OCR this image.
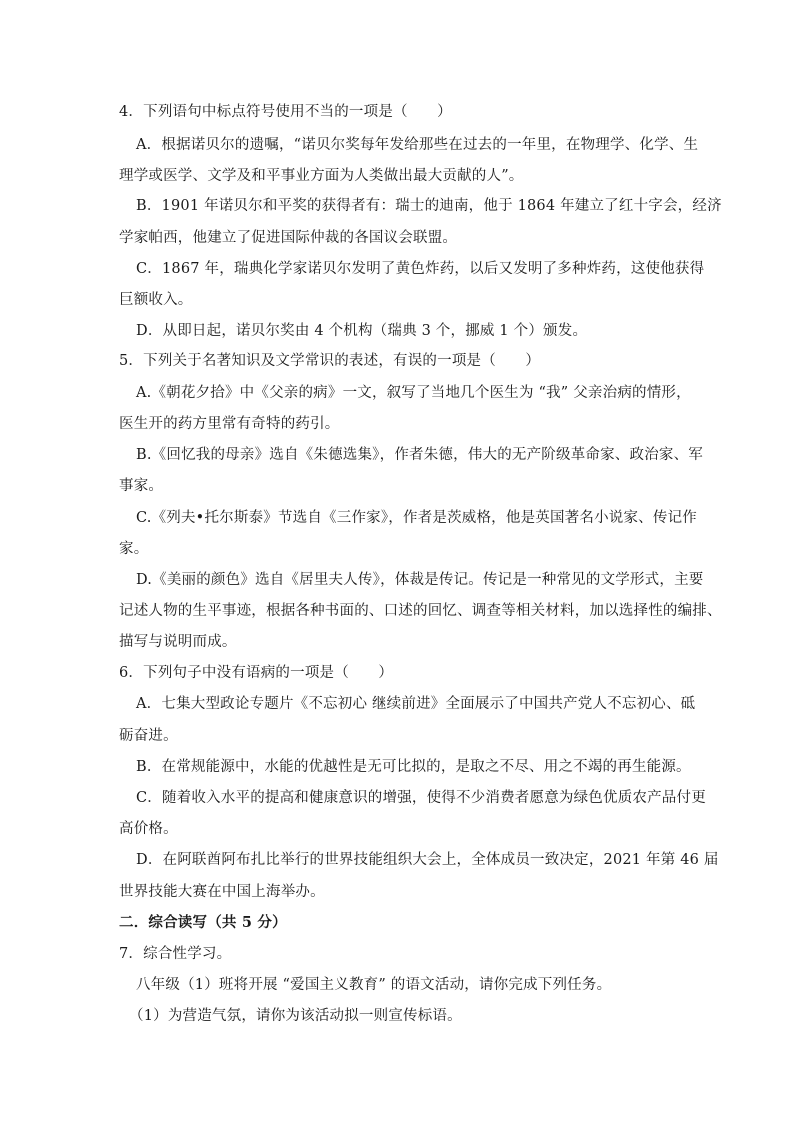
4．下列语句中标点符号使用不当的一项是（　　）
A．根据诺贝尔的遗嘱，“诺贝尔奖每年发给那些在过去的一年里，在物理学、化学、生
理学或医学、文学及和平事业方面为人类做出最大贡献的人”。
B．1901 年诺贝尔和平奖的获得者有：瑞士的迪南，他于 1864 年建立了红十字会，经济
学家帕西，他建立了促进国际仲裁的各国议会联盟。
C．1867 年，瑞典化学家诺贝尔发明了黄色炸药，以后又发明了多种炸药，这使他获得
巨额收入。
D．从即日起，诺贝尔奖由 4 个机构（瑞典 3 个，挪威 1 个）颁发。
5．下列关于名著知识及文学常识的表述，有误的一项是（　　）
A.《朝花夕拾》中《父亲的病》一文，叙写了当地几个医生为 “我” 父亲治病的情形，
医生开的药方里常有奇特的药引。
B.《回忆我的母亲》选自《朱德选集》，作者朱德，伟大的无产阶级革命家、政治家、军
事家。
C.《列夫•托尔斯泰》节选自《三作家》，作者是茨威格，他是英国著名小说家、传记作
家。
D.《美丽的颜色》选自《居里夫人传》，体裁是传记。传记是一种常见的文学形式，主要
记述人物的生平事迹，根据各种书面的、口述的回忆、调查等相关材料，加以选择性的编排、
描写与说明而成。
6．下列句子中没有语病的一项是（　　）
A．七集大型政论专题片《不忘初心 继续前进》全面展示了中国共产党人不忘初心、砥
砺奋进。
B．在常规能源中，水能的优越性是无可比拟的，是取之不尽、用之不竭的再生能源。
C．随着收入水平的提高和健康意识的增强，使得不少消费者愿意为绿色优质农产品付更
高价格。
D．在阿联酋阿布扎比举行的世界技能组织大会上，全体成员一致决定，2021 年第 46 届
世界技能大赛在中国上海举办。
二．综合读写（共 5 分）
7．综合性学习。
八年级（1）班将开展 “爱国主义教育” 的语文活动，请你完成下列任务。
（1）为营造气氛，请你为该活动拟一则宣传标语。
